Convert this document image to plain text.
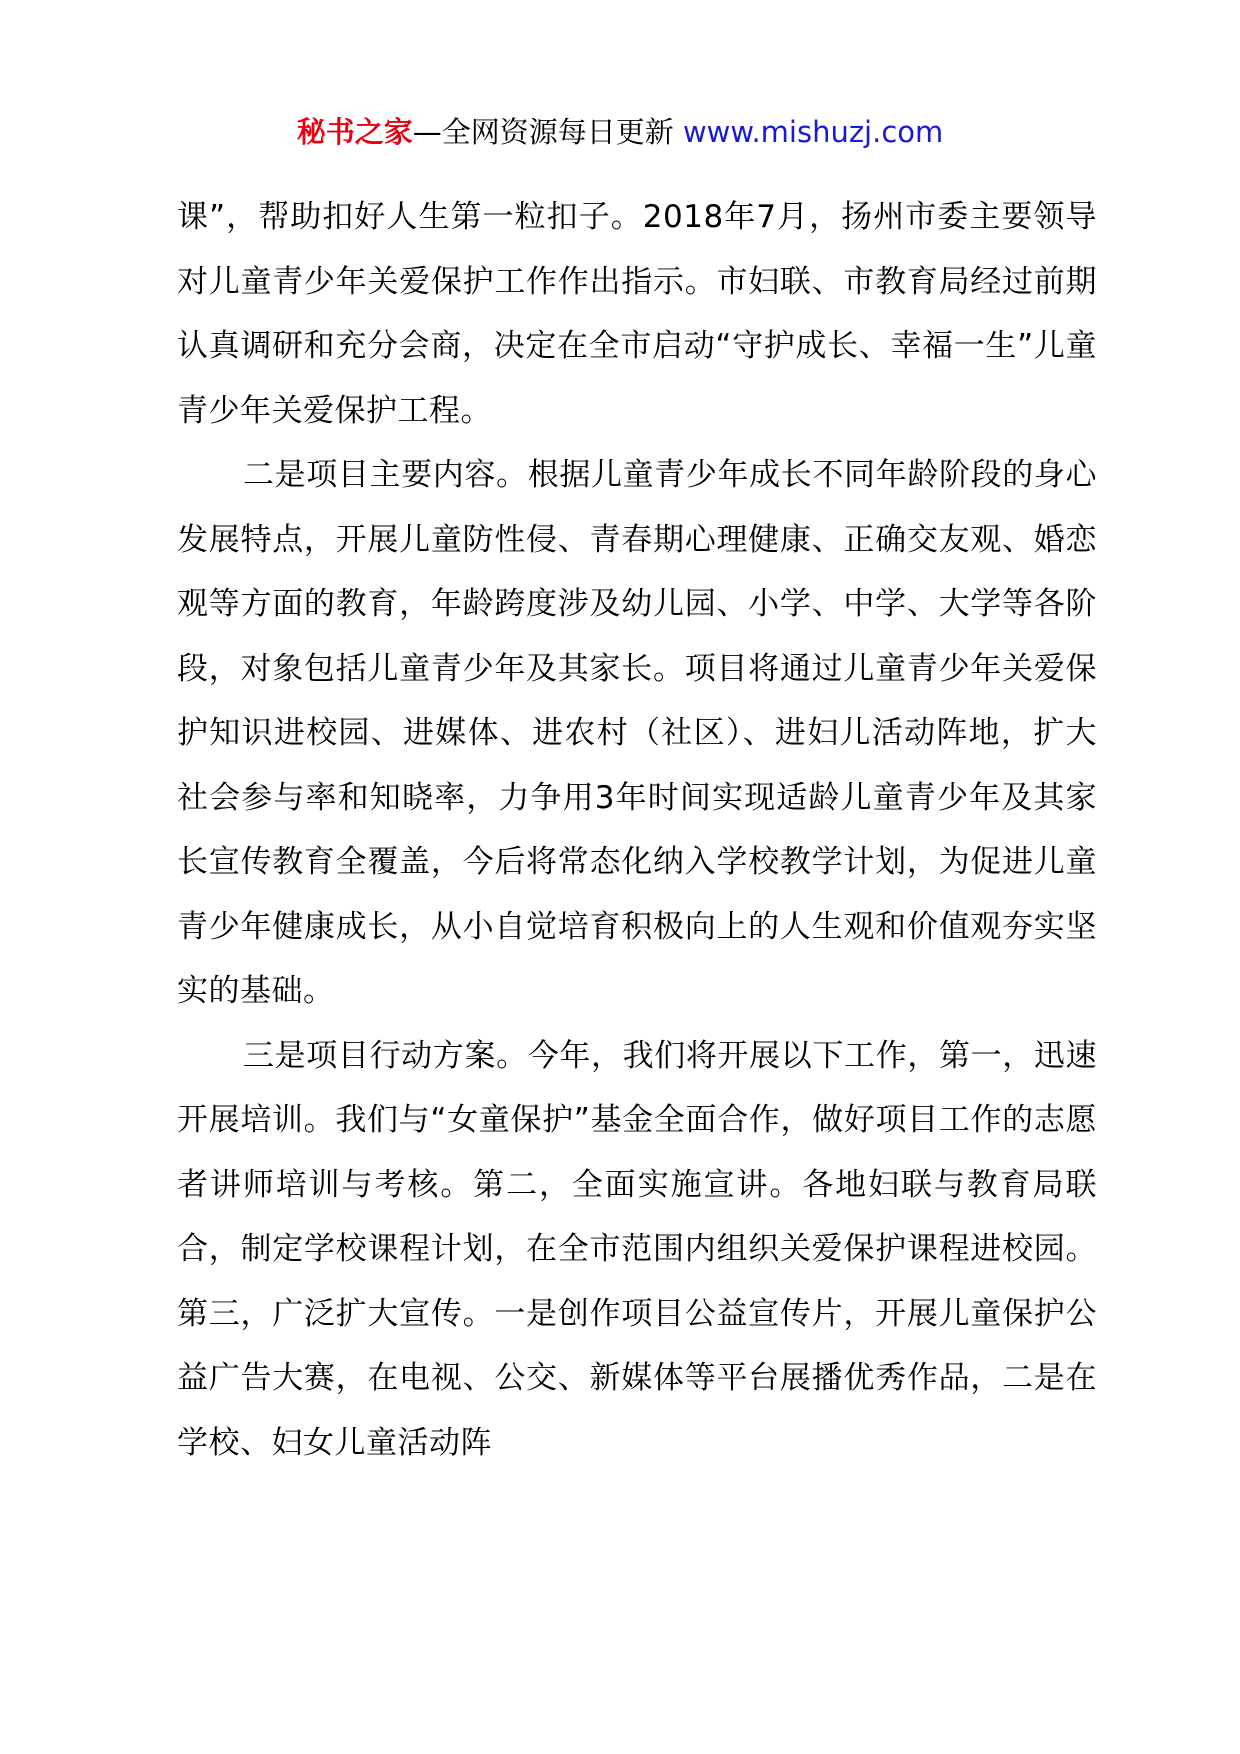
秘书之家—全网资源每日更新 www.mishuzj.com

课”，帮助扣好人生第一粒扣子。2018年7月，扬州市委主要领导对儿童青少年关爱保护工作作出指示。市妇联、市教育局经过前期认真调研和充分会商，决定在全市启动“守护成长、幸福一生”儿童青少年关爱保护工程。

二是项目主要内容。根据儿童青少年成长不同年龄阶段的身心发展特点，开展儿童防性侵、青春期心理健康、正确交友观、婚恋观等方面的教育，年龄跨度涉及幼儿园、小学、中学、大学等各阶段，对象包括儿童青少年及其家长。项目将通过儿童青少年关爱保护知识进校园、进媒体、进农村（社区）、进妇儿活动阵地，扩大社会参与率和知晓率，力争用3年时间实现适龄儿童青少年及其家长宣传教育全覆盖，今后将常态化纳入学校教学计划，为促进儿童青少年健康成长，从小自觉培育积极向上的人生观和价值观夯实坚实的基础。

三是项目行动方案。今年，我们将开展以下工作，第一，迅速开展培训。我们与“女童保护”基金全面合作，做好项目工作的志愿者讲师培训与考核。第二，全面实施宣讲。各地妇联与教育局联合，制定学校课程计划，在全市范围内组织关爱保护课程进校园。第三，广泛扩大宣传。一是创作项目公益宣传片，开展儿童保护公益广告大赛，在电视、公交、新媒体等平台展播优秀作品，二是在学校、妇女儿童活动阵
